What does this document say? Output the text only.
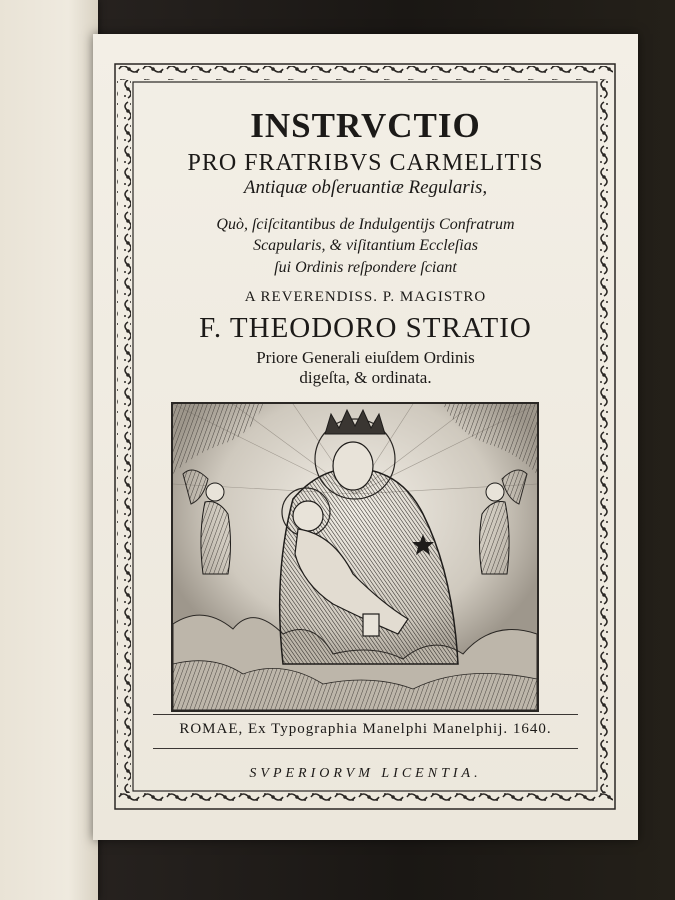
INSTRVCTIO
PRO FRATRIBVS CARMELITIS
Antiquæ obſeruantiæ Regularis,
Quò, ſciſcitantibus de Indulgentijs Confratrum
Scapularis, & viſitantium Eccleſias
ſui Ordinis reſpondere ſciant
A REVERENDISS. P. MAGISTRO
F. THEODORO STRATIO
Priore Generali eiuſdem Ordinis
digeſta, & ordinata.
ROMAE, Ex Typographia Manelphi Manelphij. 1640.
SVPERIORVM LICENTIA.
